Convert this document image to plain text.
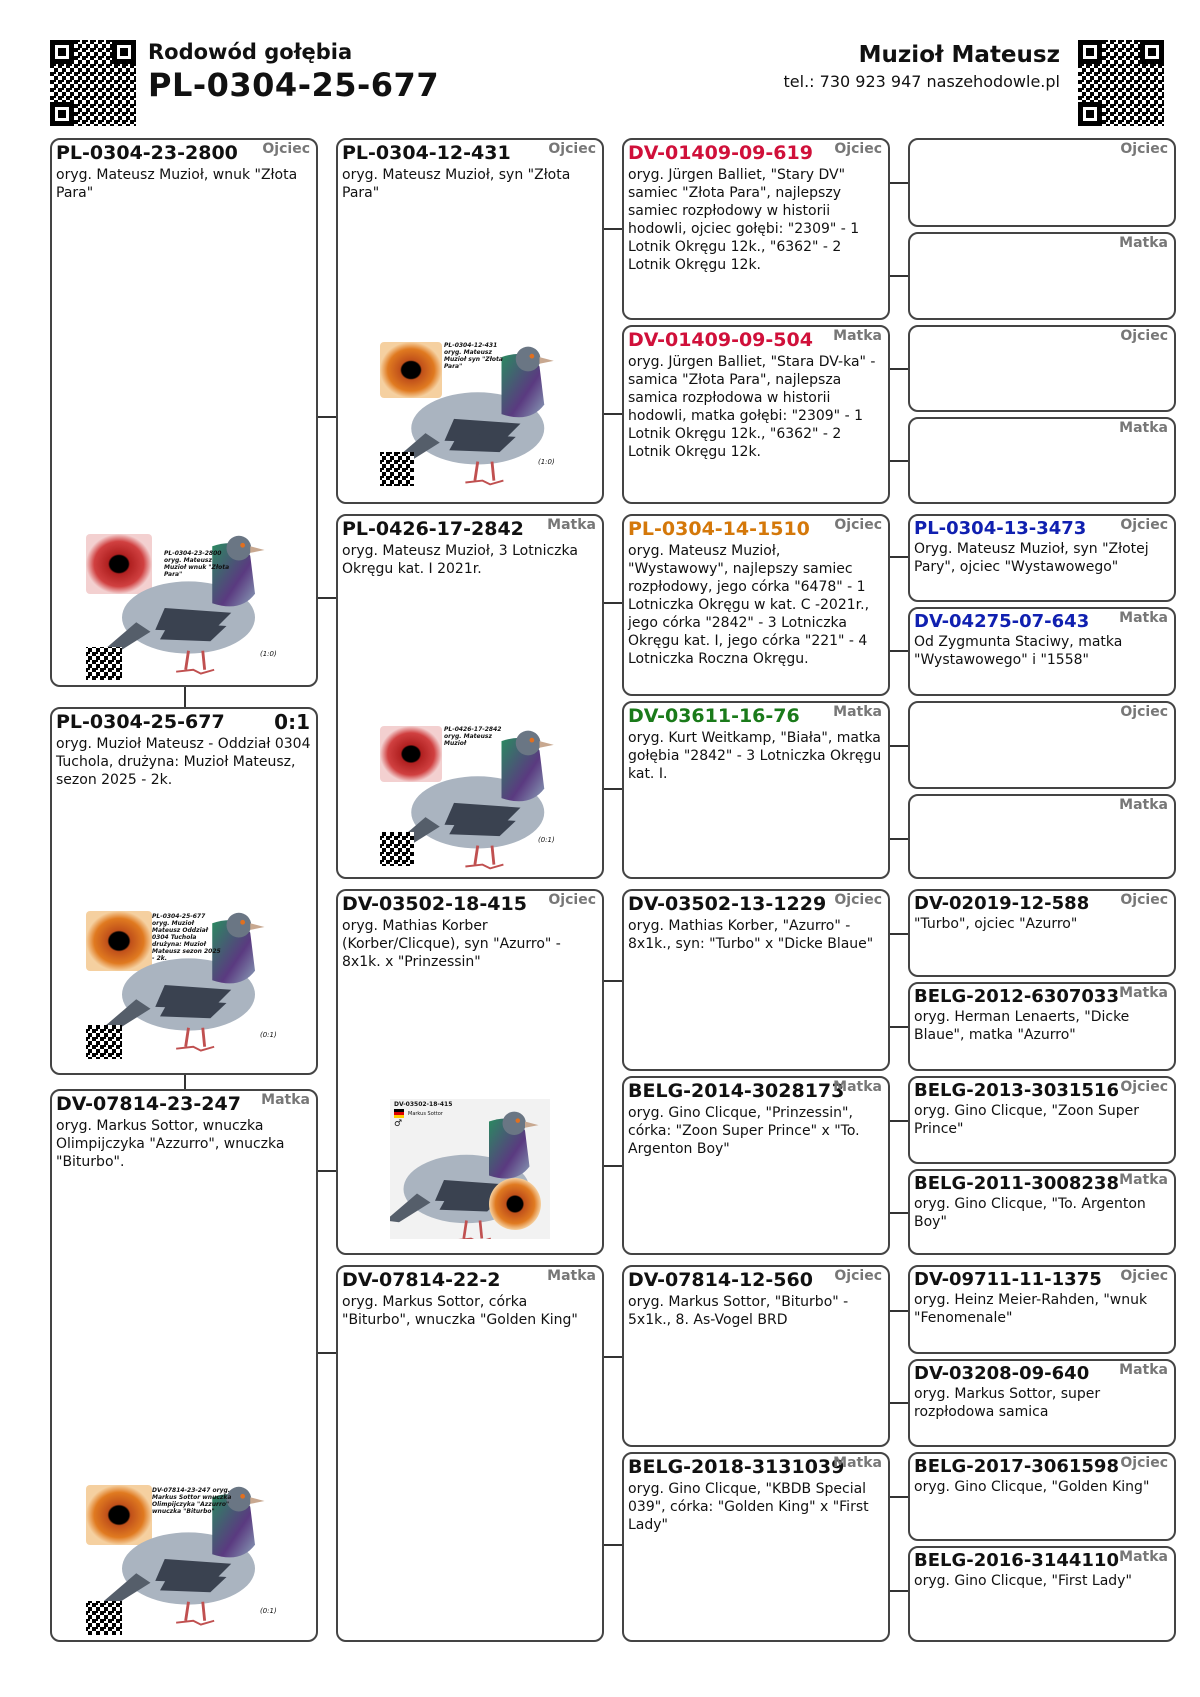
Rodowód gołębia
PL-0304-25-677
Muzioł Mateusz
tel.: 730 923 947 naszehodowle.pl
PL-0304-23-2800 Ojciec
oryg. Mateusz Muzioł, wnuk "Złota Para"
PL-0304-23-2800 oryg. Mateusz Muzioł wnuk "Złota Para"
(1:0)
PL-0304-25-677 0:1
oryg. Muzioł Mateusz - Oddział 0304 Tuchola, drużyna: Muzioł Mateusz, sezon 2025 - 2k.
PL-0304-25-677 oryg. Muzioł Mateusz Oddział 0304 Tuchola drużyna: Muzioł Mateusz sezon 2025 - 2k.
(0:1)
DV-07814-23-247 Matka
oryg. Markus Sottor, wnuczka Olimpijczyka "Azzurro", wnuczka "Biturbo".
DV-07814-23-247 oryg. Markus Sottor wnuczka Olimpijczyka "Azzurro" wnuczka "Biturbo"
(0:1)
PL-0304-12-431	Ojciec
oryg. Mateusz Muzioł, syn "Złota Para"
PL-0304-12-431 oryg. Mateusz Muzioł syn "Złota Para"
(1:0)
PL-0426-17-2842 Matka
oryg. Mateusz Muzioł, 3 Lotniczka Okręgu kat. I 2021r.
PL-0426-17-2842 oryg. Mateusz Muzioł
(0:1)
DV-03502-18-415 Ojciec
oryg. Mathias Korber (Korber/Clicque), syn "Azurro" - 8x1k. x "Prinzessin"
DV-03502-18-415
Markus Sottor
♂
DV-07814-22-2	Matka
oryg. Markus Sottor, córka "Biturbo", wnuczka "Golden King"
DV-01409-09-619 Ojciec
oryg. Jürgen Balliet, "Stary DV" samiec "Złota Para", najlepszy samiec rozpłodowy w historii hodowli, ojciec gołębi: "2309" - 1 Lotnik Okręgu 12k., "6362" - 2 Lotnik Okręgu 12k.
DV-01409-09-504 Matka
oryg. Jürgen Balliet, "Stara DV-ka" - samica "Złota Para", najlepsza samica rozpłodowa w historii hodowli, matka gołębi: "2309" - 1 Lotnik Okręgu 12k., "6362" - 2 Lotnik Okręgu 12k.
PL-0304-14-1510 Ojciec
oryg. Mateusz Muzioł, "Wystawowy", najlepszy samiec rozpłodowy, jego córka "6478" - 1 Lotniczka Okręgu w kat. C -2021r., jego córka "2842" - 3 Lotniczka Okręgu kat. I, jego córka "221" - 4 Lotniczka Roczna Okręgu.
DV-03611-16-76 Matka
oryg. Kurt Weitkamp, "Biała", matka gołębia "2842" - 3 Lotniczka Okręgu kat. I.
DV-03502-13-1229 Ojciec
oryg. Mathias Korber, "Azurro" - 8x1k., syn: "Turbo" x "Dicke Blaue"
BELG-2014-3028173
Matka
oryg. Gino Clicque, "Prinzessin", córka: "Zoon Super Prince" x "To. Argenton Boy"
DV-07814-12-560 Ojciec
oryg. Markus Sottor, "Biturbo" - 5x1k., 8. As-Vogel BRD
BELG-2018-3131039
Matka
oryg. Gino Clicque, "KBDB Special 039", córka: "Golden King" x "First Lady"
Ojciec
Matka
Ojciec
Matka
PL-0304-13-3473 Ojciec
Oryg. Mateusz Muzioł, syn "Złotej Pary", ojciec "Wystawowego"
DV-04275-07-643 Matka
Od Zygmunta Staciwy, matka "Wystawowego" i "1558"
Ojciec
Matka
DV-02019-12-588 Ojciec
"Turbo", ojciec "Azurro"
BELG-2012-6307033 Matka
oryg. Herman Lenaerts, "Dicke Blaue", matka "Azurro"
BELG-2013-3031516 Ojciec
oryg. Gino Clicque, "Zoon Super Prince"
BELG-2011-3008238 Matka
oryg. Gino Clicque, "To. Argenton Boy"
DV-09711-11-1375 Ojciec
oryg. Heinz Meier-Rahden, "wnuk "Fenomenale"
DV-03208-09-640 Matka
oryg. Markus Sottor, super rozpłodowa samica
BELG-2017-3061598 Ojciec
oryg. Gino Clicque, "Golden King"
BELG-2016-3144110 Matka
oryg. Gino Clicque, "First Lady"
